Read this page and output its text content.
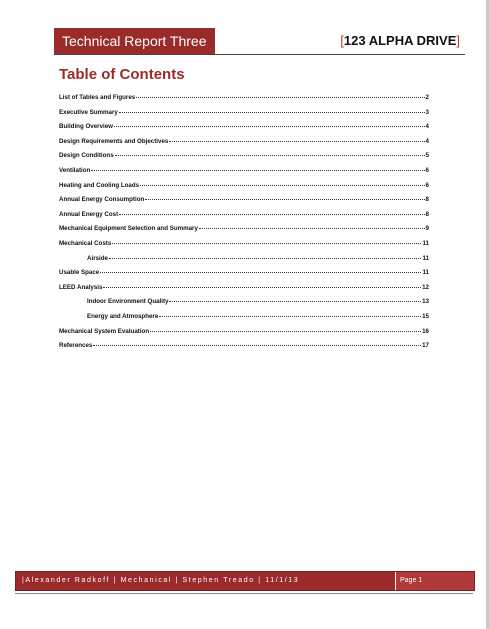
Technical Report Three	[123 ALPHA DRIVE]
Table of Contents
List of Tables and Figures	2
Executive Summary	3
Building Overview	4
Design Requirements and Objectives	4
Design Conditions	5
Ventilation	6
Heating and Cooling Loads	6
Annual Energy Consumption	8
Annual Energy Cost	8
Mechanical Equipment Selection and Summary	9
Mechanical Costs	11
Airside	11
Usable Space	11
LEED Analysis	12
Indoor Environment Quality	13
Energy and Atmosphere	15
Mechanical System Evaluation	16
References	17
|Alexander Radkoff | Mechanical | Stephen Treado | 11/1/13	Page 1
